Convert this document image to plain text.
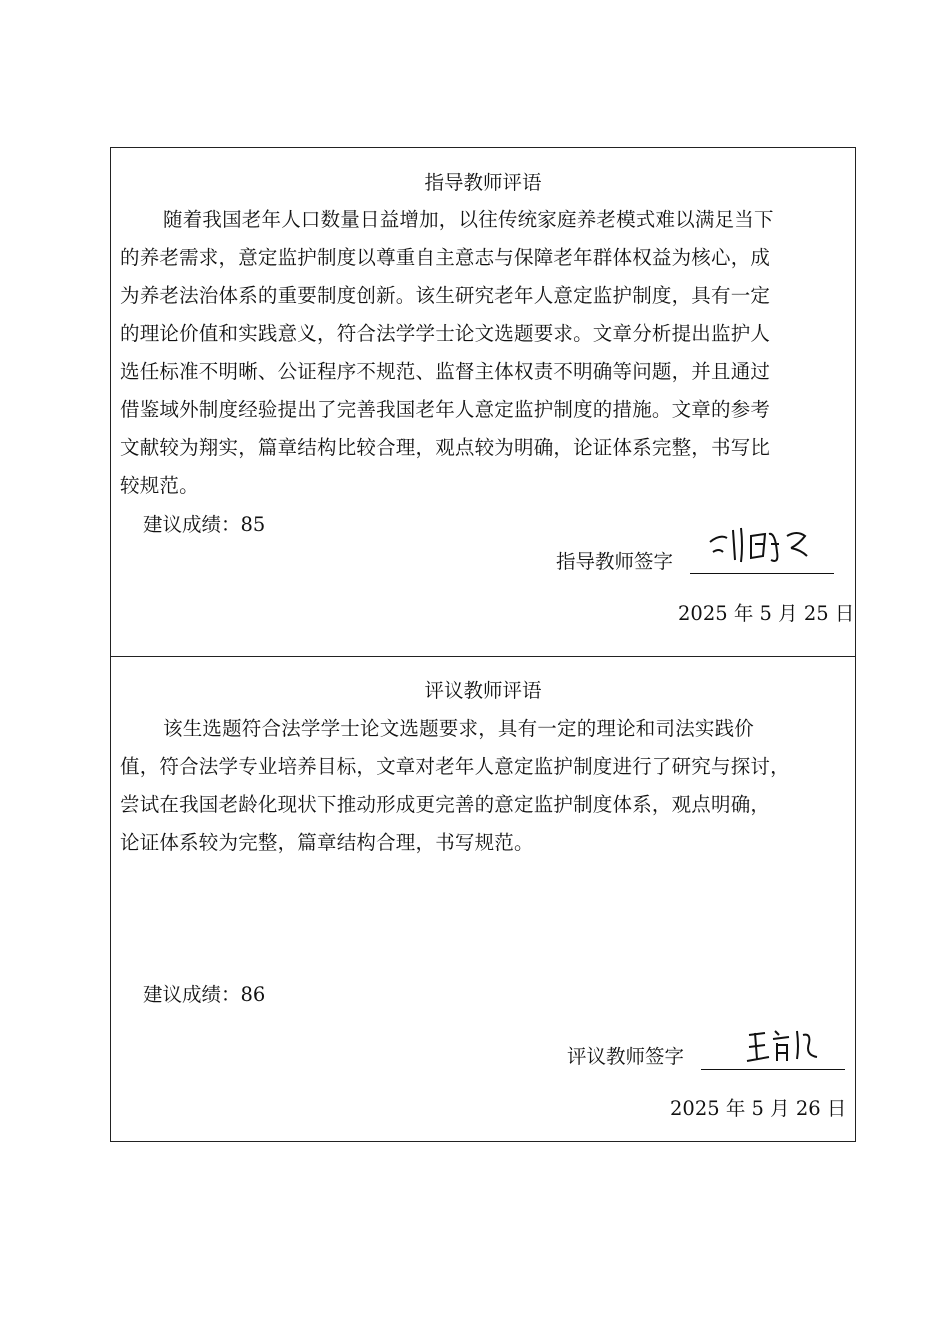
指导教师评语
随着我国老年人口数量日益增加，以往传统家庭养老模式难以满足当下
的养老需求，意定监护制度以尊重自主意志与保障老年群体权益为核心，成
为养老法治体系的重要制度创新。该生研究老年人意定监护制度，具有一定
的理论价值和实践意义，符合法学学士论文选题要求。文章分析提出监护人
选任标准不明晰、公证程序不规范、监督主体权责不明确等问题，并且通过
借鉴域外制度经验提出了完善我国老年人意定监护制度的措施。文章的参考
文献较为翔实，篇章结构比较合理，观点较为明确，论证体系完整，书写比
较规范。
建议成绩：85
指导教师签字
2025 年 5 月 25 日
评议教师评语
该生选题符合法学学士论文选题要求，具有一定的理论和司法实践价
值，符合法学专业培养目标，文章对老年人意定监护制度进行了研究与探讨，
尝试在我国老龄化现状下推动形成更完善的意定监护制度体系，观点明确，
论证体系较为完整，篇章结构合理，书写规范。
建议成绩：86
评议教师签字
2025 年 5 月 26 日
